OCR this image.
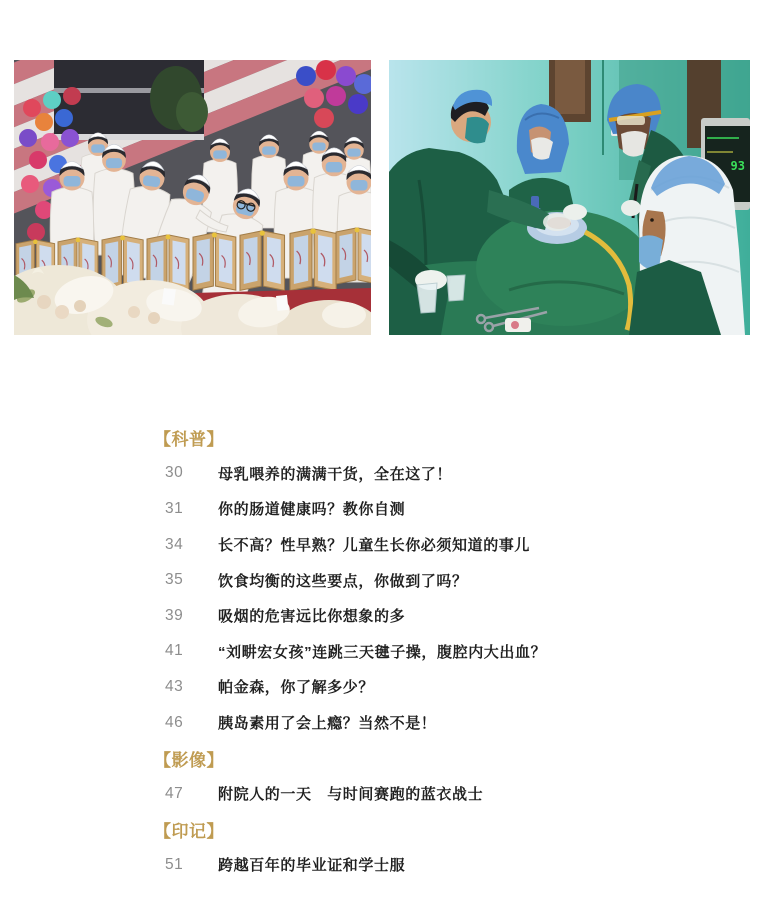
93
【科普】
30	母乳喂养的满满干货，全在这了！
31	你的肠道健康吗？教你自测
34	长不高？性早熟？儿童生长你必须知道的事儿
35	饮食均衡的这些要点，你做到了吗？
39	吸烟的危害远比你想象的多
41	“刘畊宏女孩”连跳三天毽子操，腹腔内大出血？
43	帕金森，你了解多少？
46	胰岛素用了会上瘾？当然不是！
【影像】
47	附院人的一天　与时间赛跑的蓝衣战士
【印记】
51	跨越百年的毕业证和学士服
